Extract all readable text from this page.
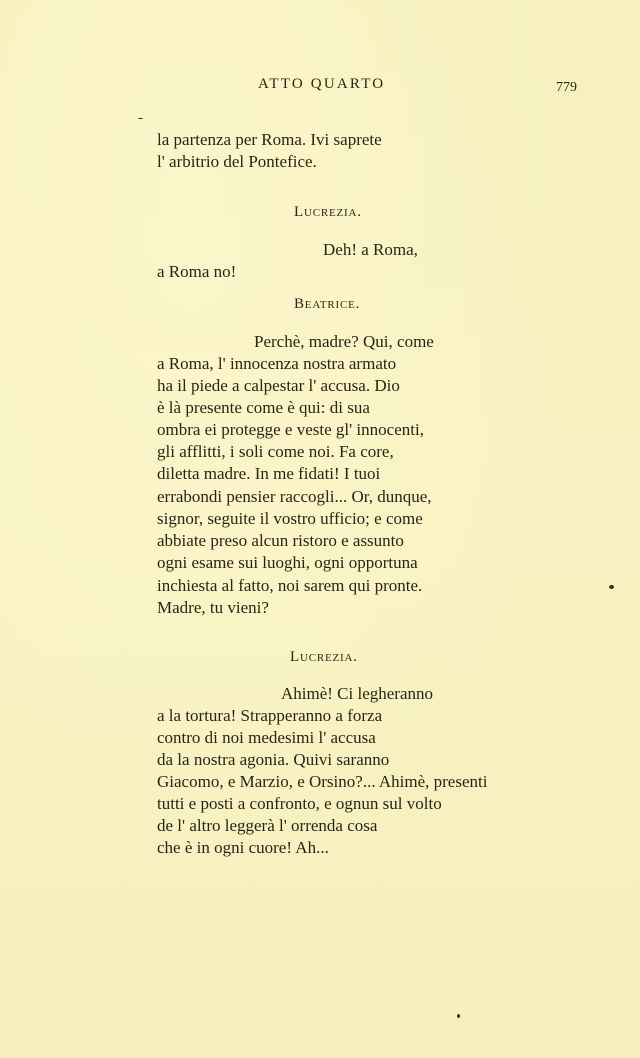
ATTO QUARTO	779
la partenza per Roma. Ivi saprete
l' arbitrio del Pontefice.
Lucrezia.
Deh! a Roma,
a Roma no!
Beatrice.
Perchè, madre? Qui, come
a Roma, l' innocenza nostra armato
ha il piede a calpestar l' accusa. Dio
è là presente come è qui: di sua
ombra ei protegge e veste gl' innocenti,
gli afflitti, i soli come noi. Fa core,
diletta madre. In me fidati! I tuoi
errabondi pensier raccogli... Or, dunque,
signor, seguite il vostro ufficio; e come
abbiate preso alcun ristoro e assunto
ogni esame sui luoghi, ogni opportuna
inchiesta al fatto, noi sarem qui pronte.
Madre, tu vieni?
Lucrezia.
Ahimè! Ci legheranno
a la tortura! Strapperanno a forza
contro di noi medesimi l' accusa
da la nostra agonia. Quivi saranno
Giacomo, e Marzio, e Orsino?... Ahimè, presenti
tutti e posti a confronto, e ognun sul volto
de l' altro leggerà l' orrenda cosa
che è in ogni cuore! Ah...
